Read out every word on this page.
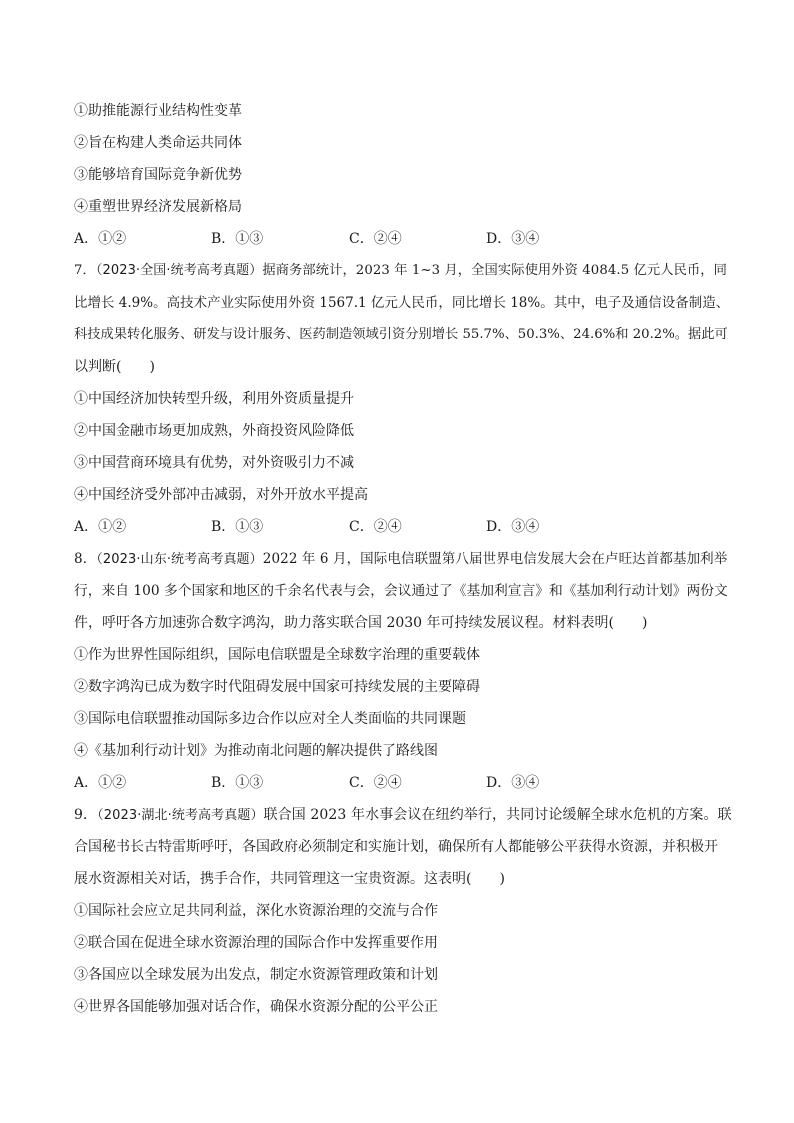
①助推能源行业结构性变革
②旨在构建人类命运共同体
③能够培育国际竞争新优势
④重塑世界经济发展新格局
A．①②	B．①③	C．②④	D．③④
7．（2023·全国·统考高考真题）据商务部统计，2023 年 1~3 月，全国实际使用外资 4084.5 亿元人民币，同
比增长 4.9%。高技术产业实际使用外资 1567.1 亿元人民币，同比增长 18%。其中，电子及通信设备制造、
科技成果转化服务、研发与设计服务、医药制造领域引资分别增长 55.7%、50.3%、24.6%和 20.2%。据此可
以判断(　　)
①中国经济加快转型升级，利用外资质量提升
②中国金融市场更加成熟，外商投资风险降低
③中国营商环境具有优势，对外资吸引力不减
④中国经济受外部冲击减弱，对外开放水平提高
A．①②	B．①③	C．②④	D．③④
8．（2023·山东·统考高考真题）2022 年 6 月，国际电信联盟第八届世界电信发展大会在卢旺达首都基加利举
行，来自 100 多个国家和地区的千余名代表与会，会议通过了《基加利宣言》和《基加利行动计划》两份文
件，呼吁各方加速弥合数字鸿沟，助力落实联合国 2030 年可持续发展议程。材料表明(　　)
①作为世界性国际组织，国际电信联盟是全球数字治理的重要载体
②数字鸿沟已成为数字时代阻碍发展中国家可持续发展的主要障碍
③国际电信联盟推动国际多边合作以应对全人类面临的共同课题
④《基加利行动计划》为推动南北问题的解决提供了路线图
A．①②	B．①③	C．②④	D．③④
9．（2023·湖北·统考高考真题）联合国 2023 年水事会议在纽约举行，共同讨论缓解全球水危机的方案。联
合国秘书长古特雷斯呼吁，各国政府必须制定和实施计划，确保所有人都能够公平获得水资源，并积极开
展水资源相关对话，携手合作，共同管理这一宝贵资源。这表明(　　)
①国际社会应立足共同利益，深化水资源治理的交流与合作
②联合国在促进全球水资源治理的国际合作中发挥重要作用
③各国应以全球发展为出发点，制定水资源管理政策和计划
④世界各国能够加强对话合作，确保水资源分配的公平公正
